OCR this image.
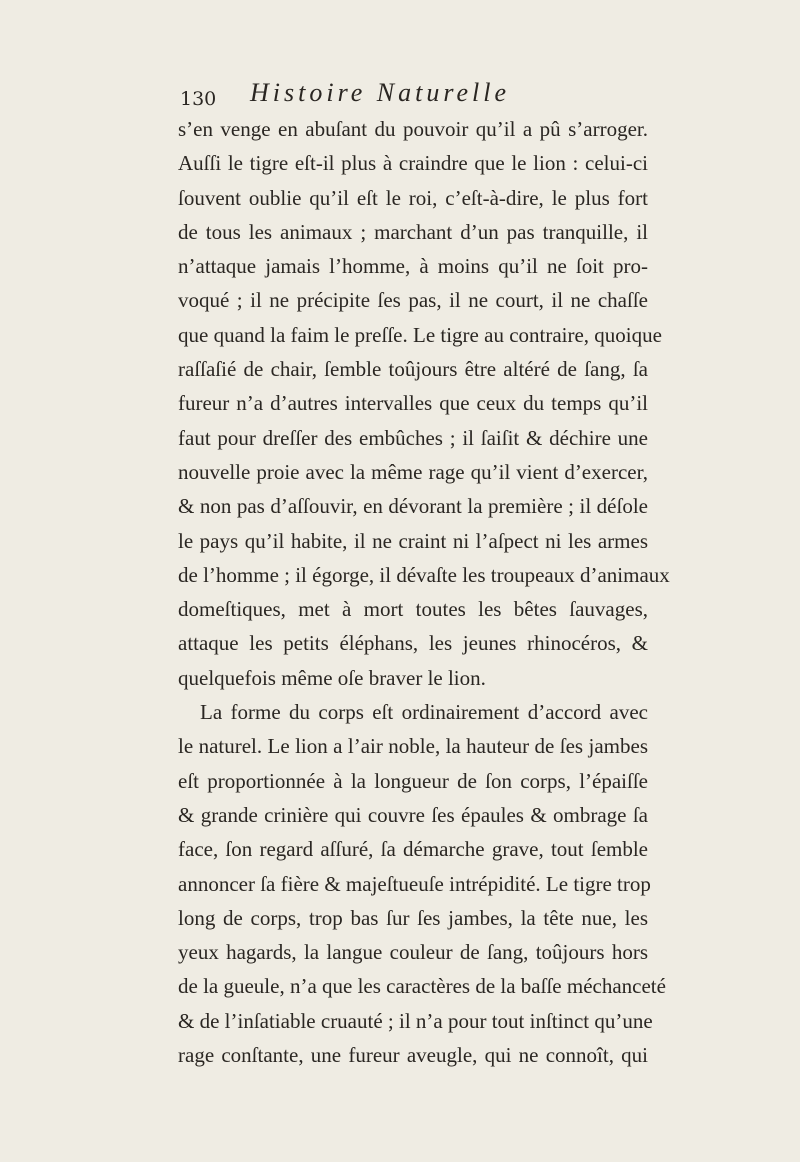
130 Histoire Naturelle
s’en venge en abuſant du pouvoir qu’il a pû s’arroger.
Auſſi le tigre eſt-il plus à craindre que le lion : celui-ci
ſouvent oublie qu’il eſt le roi, c’eſt-à-dire, le plus fort
de tous les animaux ; marchant d’un pas tranquille, il
n’attaque jamais l’homme, à moins qu’il ne ſoit pro-
voqué ; il ne précipite ſes pas, il ne court, il ne chaſſe
que quand la faim le preſſe. Le tigre au contraire, quoique
raſſaſié de chair, ſemble toûjours être altéré de ſang, ſa
fureur n’a d’autres intervalles que ceux du temps qu’il
faut pour dreſſer des embûches ; il ſaiſit & déchire une
nouvelle proie avec la même rage qu’il vient d’exercer,
& non pas d’aſſouvir, en dévorant la première ; il déſole
le pays qu’il habite, il ne craint ni l’aſpect ni les armes
de l’homme ; il égorge, il dévaſte les troupeaux d’animaux
domeſtiques, met à mort toutes les bêtes ſauvages,
attaque les petits éléphans, les jeunes rhinocéros, &
quelquefois même oſe braver le lion.
La forme du corps eſt ordinairement d’accord avec
le naturel. Le lion a l’air noble, la hauteur de ſes jambes
eſt proportionnée à la longueur de ſon corps, l’épaiſſe
& grande crinière qui couvre ſes épaules & ombrage ſa
face, ſon regard aſſuré, ſa démarche grave, tout ſemble
annoncer ſa fière & majeſtueuſe intrépidité. Le tigre trop
long de corps, trop bas ſur ſes jambes, la tête nue, les
yeux hagards, la langue couleur de ſang, toûjours hors
de la gueule, n’a que les caractères de la baſſe méchanceté
& de l’inſatiable cruauté ; il n’a pour tout inſtinct qu’une
rage conſtante, une fureur aveugle, qui ne connoît, qui
